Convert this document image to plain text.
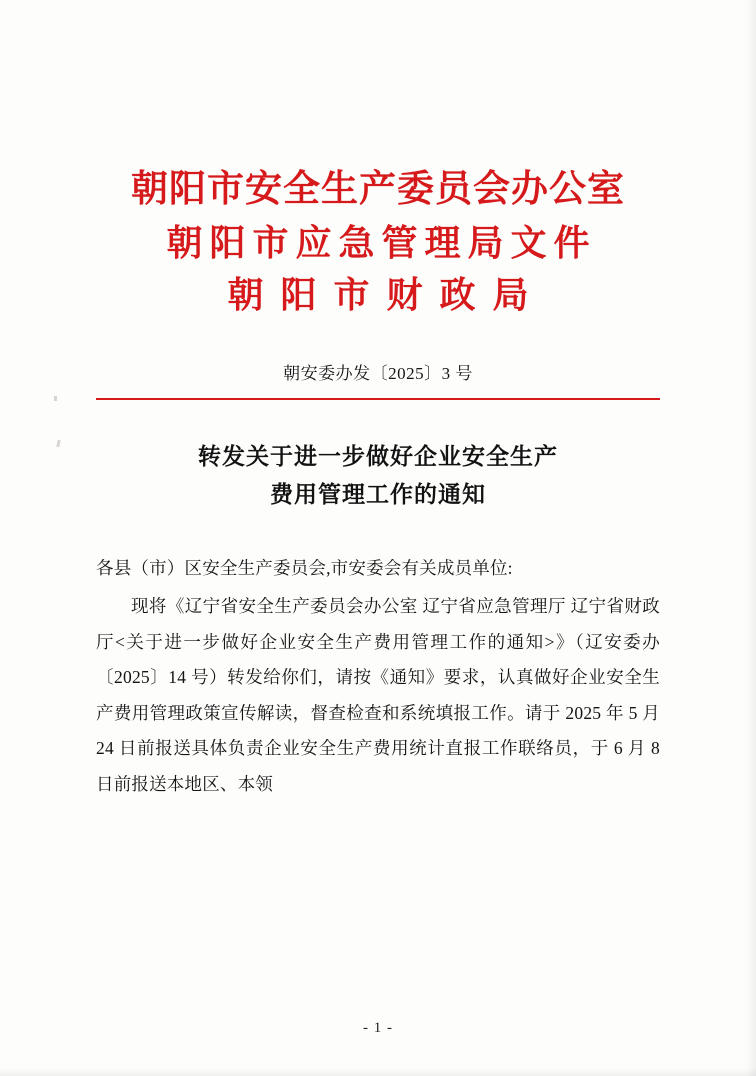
朝阳市安全生产委员会办公室
朝阳市应急管理局文件
朝阳市财政局
朝安委办发〔2025〕3 号
转发关于进一步做好企业安全生产
费用管理工作的通知

各县（市）区安全生产委员会,市安委会有关成员单位:

现将《辽宁省安全生产委员会办公室 辽宁省应急管理厅 辽宁省财政厅<关于进一步做好企业安全生产费用管理工作的通知>》（辽安委办〔2025〕14 号）转发给你们，请按《通知》要求，认真做好企业安全生产费用管理政策宣传解读，督查检查和系统填报工作。请于 2025 年 5 月 24 日前报送具体负责企业安全生产费用统计直报工作联络员，于 6 月 8 日前报送本地区、本领

- 1 -
